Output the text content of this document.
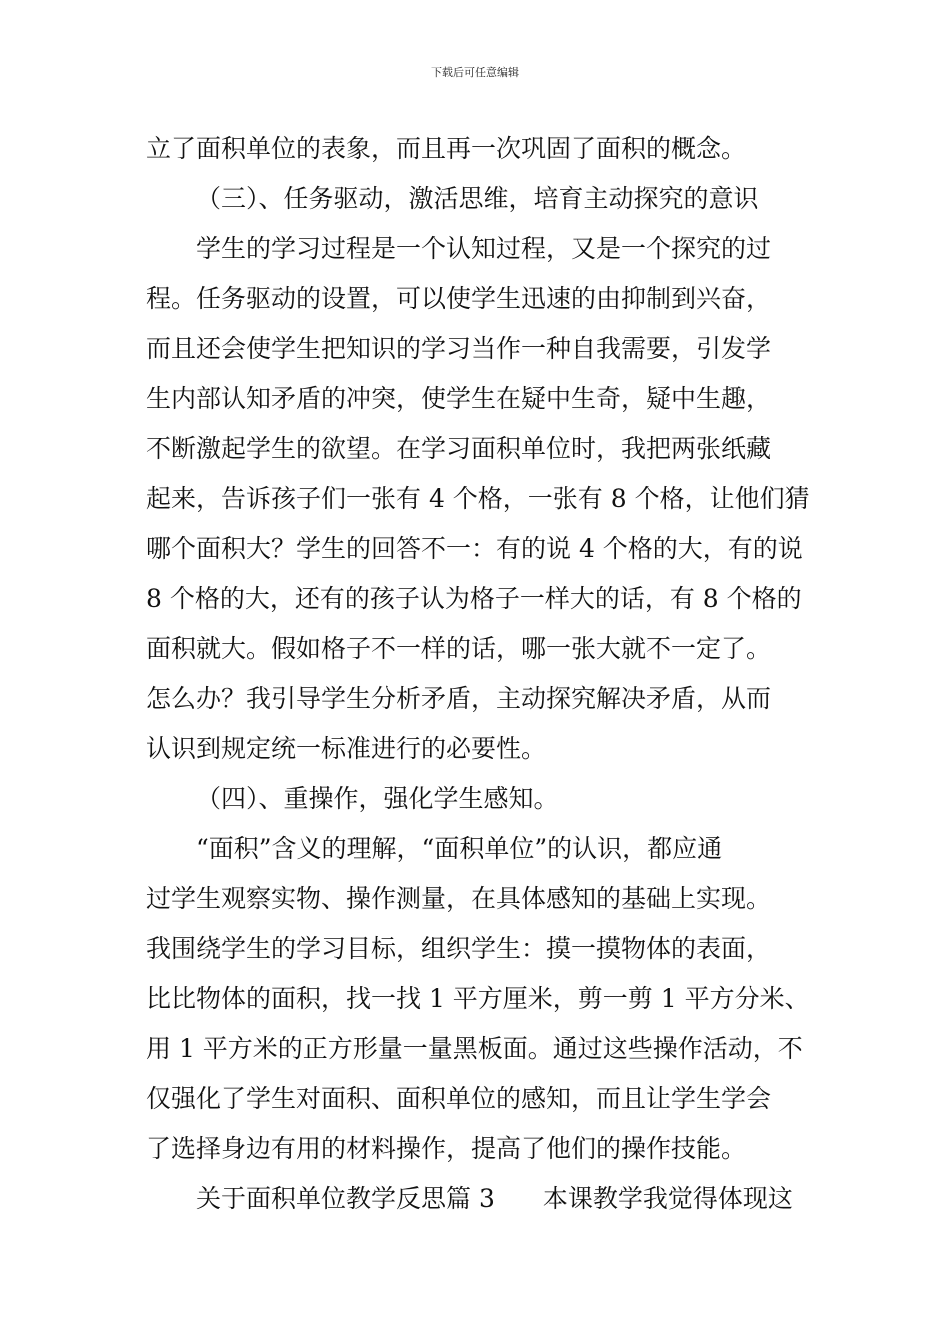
下载后可任意编辑
立了面积单位的表象，而且再一次巩固了面积的概念。
（三）、任务驱动，激活思维，培育主动探究的意识
学生的学习过程是一个认知过程，又是一个探究的过
程。任务驱动的设置，可以使学生迅速的由抑制到兴奋，
而且还会使学生把知识的学习当作一种自我需要，引发学
生内部认知矛盾的冲突，使学生在疑中生奇，疑中生趣，
不断激起学生的欲望。在学习面积单位时，我把两张纸藏
起来，告诉孩子们一张有 4 个格，一张有 8 个格，让他们猜
哪个面积大？学生的回答不一：有的说 4 个格的大，有的说
8 个格的大，还有的孩子认为格子一样大的话，有 8 个格的
面积就大。假如格子不一样的话，哪一张大就不一定了。
怎么办？我引导学生分析矛盾，主动探究解决矛盾，从而
认识到规定统一标准进行的必要性。
（四）、重操作，强化学生感知。
“面积”含义的理解，“面积单位”的认识，都应通
过学生观察实物、操作测量，在具体感知的基础上实现。
我围绕学生的学习目标，组织学生：摸一摸物体的表面，
比比物体的面积，找一找 1 平方厘米，剪一剪 1 平方分米、
用 1 平方米的正方形量一量黑板面。通过这些操作活动，不
仅强化了学生对面积、面积单位的感知，而且让学生学会
了选择身边有用的材料操作，提高了他们的操作技能。
关于面积单位教学反思篇 3 本课教学我觉得体现这
